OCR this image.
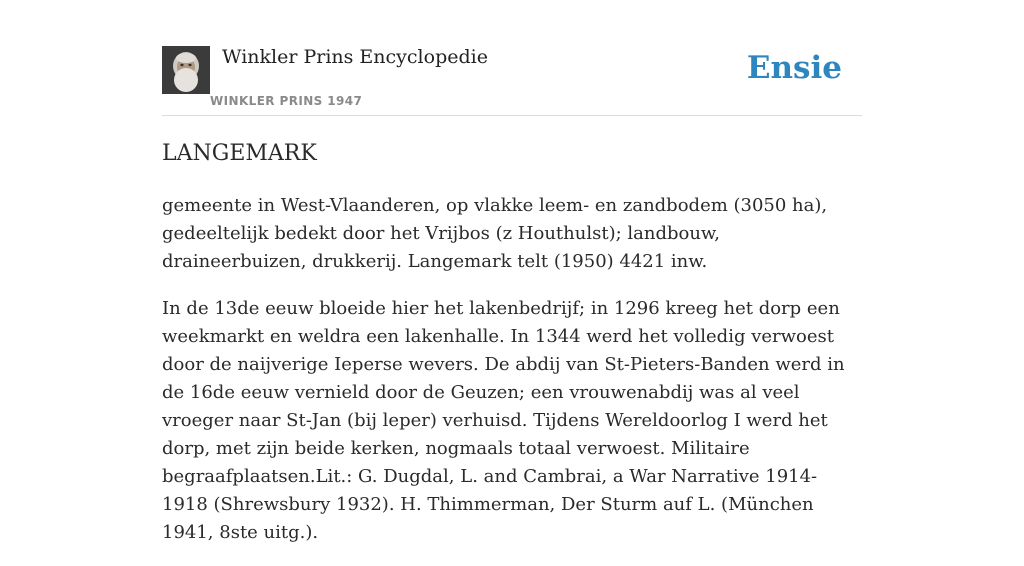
Winkler Prins Encyclopedie
WINKLER PRINS 1947
Ensie
LANGEMARK

gemeente in West-Vlaanderen, op vlakke leem- en zandbodem (3050 ha), gedeeltelijk bedekt door het Vrijbos (z Houthulst); landbouw, draineerbuizen, drukkerij. Langemark telt (1950) 4421 inw.

In de 13de eeuw bloeide hier het lakenbedrijf; in 1296 kreeg het dorp een weekmarkt en weldra een lakenhalle. In 1344 werd het volledig verwoest door de naijverige Ieperse wevers. De abdij van St-Pieters-Banden werd in de 16de eeuw vernield door de Geuzen; een vrouwenabdij was al veel vroeger naar St-Jan (bij leper) verhuisd. Tijdens Wereldoorlog I werd het dorp, met zijn beide kerken, nogmaals totaal verwoest. Militaire begraafplaatsen.Lit.: G. Dugdal, L. and Cambrai, a War Narrative 1914-1918 (Shrewsbury 1932). H. Thimmerman, Der Sturm auf L. (München 1941, 8ste uitg.).
